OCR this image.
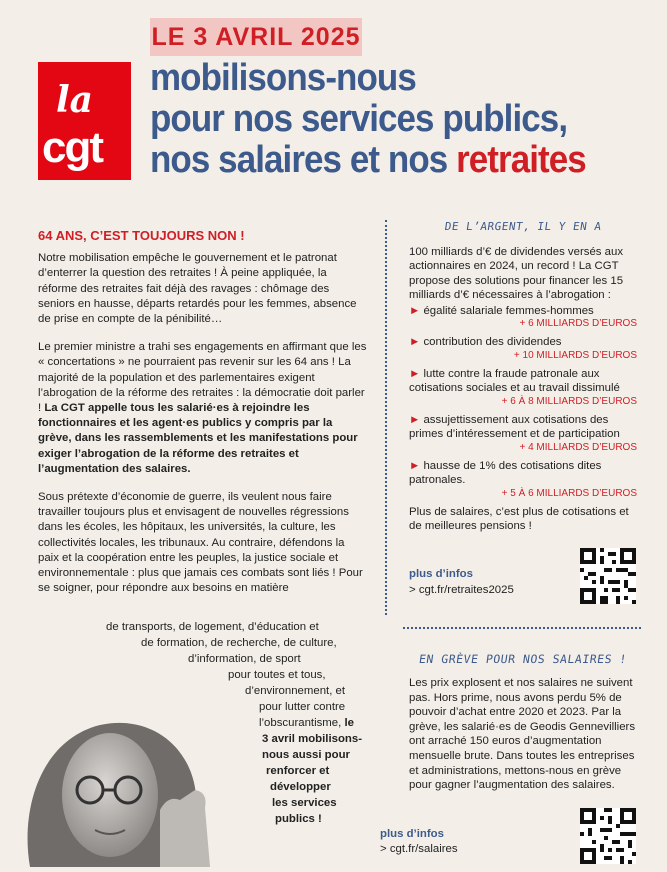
LE 3 AVRIL 2025
la
cgt
mobilisons-nous
pour nos services publics,
nos salaires et nos retraites
64 ANS, C’EST TOUJOURS NON !

Notre mobilisation empêche le gouvernement et le patronat d’enterrer la question des retraites ! À peine appliquée, la réforme des retraites fait déjà des ravages : chômage des seniors en hausse, départs retardés pour les femmes, absence de prise en compte de la pénibilité…

Le premier ministre a trahi ses engagements en affirmant que les « concertations » ne pourraient pas revenir sur les 64 ans ! La majorité de la population et des parlementaires exigent l’abrogation de la réforme des retraites : la démocratie doit parler ! La CGT appelle tous les salarié·es à rejoindre les fonctionnaires et les agent·es publics y compris par la grève, dans les rassemblements et les manifestations pour exiger l’abrogation de la réforme des retraites et l’augmentation des salaires.

Sous prétexte d’économie de guerre, ils veulent nous faire travailler toujours plus et envisagent de nouvelles régressions dans les écoles, les hôpitaux, les universités, la culture, les collectivités locales, les tribunaux. Au contraire, défendons la paix et la coopération entre les peuples, la justice sociale et environnementale : plus que jamais ces combats sont liés ! Pour se soigner, pour répondre aux besoins en matière

de transports, de logement, d’éducation et
de formation, de recherche, de culture,
d’information, de sport
pour toutes et tous,
d’environnement, et
pour lutter contre
l’obscurantisme, le
3 avril mobilisons-
nous aussi pour
renforcer et
développer
les services
publics !
DE L’ARGENT, IL Y EN A
100 milliards d’€ de dividendes versés aux actionnaires en 2024, un record ! La CGT propose des solutions pour financer les 15 milliards d’€ nécessaires à l’abrogation :
► égalité salariale femmes-hommes
+ 6 MILLIARDS D’EUROS
► contribution des dividendes
+ 10 MILLIARDS D’EUROS
► lutte contre la fraude patronale aux cotisations sociales et au travail dissimulé
+ 6 À 8 MILLIARDS D’EUROS
► assujettissement aux cotisations des primes d’intéressement et de participation
+ 4 MILLIARDS D’EUROS
► hausse de 1% des cotisations dites patronales.
+ 5 À 6 MILLIARDS D’EUROS
Plus de salaires, c’est plus de cotisations et de meilleures pensions !
plus d’infos
> cgt.fr/retraites2025
EN GRÈVE POUR NOS SALAIRES !
Les prix explosent et nos salaires ne suivent pas. Hors prime, nous avons perdu 5% de pouvoir d’achat entre 2020 et 2023. Par la grève, les salarié·es de Geodis Gennevilliers ont arraché 150 euros d’augmentation mensuelle brute. Dans toutes les entreprises et administrations, mettons-nous en grève pour gagner l’augmentation des salaires.
plus d’infos
> cgt.fr/salaires
